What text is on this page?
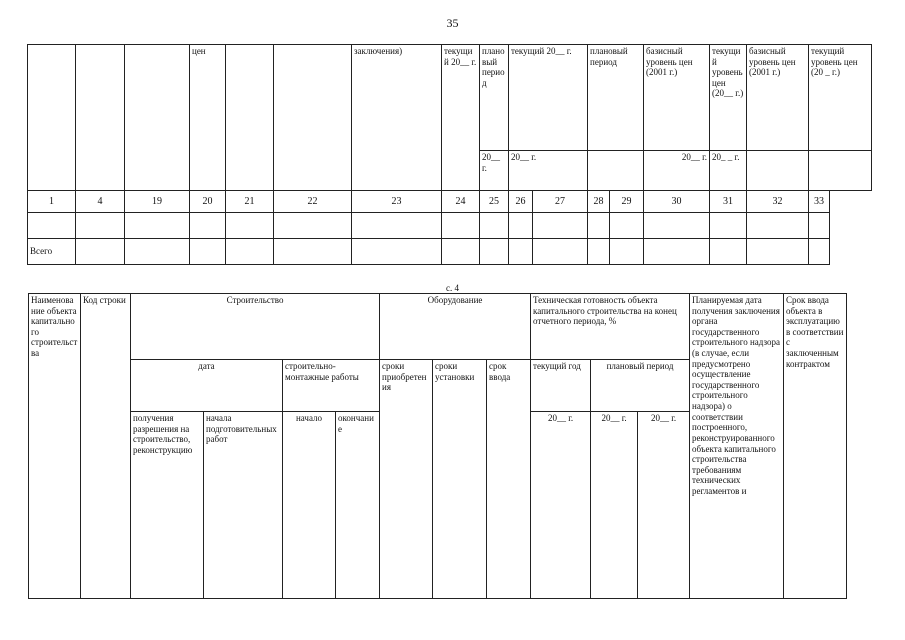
35
			цен			заключения)	текущий 20__ г.	плановый период	текущий 20__ г.		плановый период		базисный уровень цен (2001 г.)	текущий уровень цен (20__ г.)	базисный уровень цен (2001 г.)	текущий уровень цен (20 _ г.)	
								20__ г.	20__ г.				20__ г.	20_ _ г.			
1	4	19	20	21	22	23	24	25	26	27	28	29	30	31	32	33	

Всего																	
с. 4
Наименование объекта капитального строительства	Код строки	Строительство				Оборудование			Техническая готовность объекта капитального строительства на конец отчетного периода, %			Планируемая дата получения заключения органа государственного строительного надзора (в случае, если предусмотрено осуществление государственного строительного надзора) о соответствии построенного, реконструированного объекта капитального строительства требованиям технических регламентов и	Срок ввода объекта в эксплуатацию в соответствии с заключенным контрактом
		дата		строительно-монтажные работы		сроки приобретения	сроки установки	срок ввода	текущий год	плановый период			
		получения разрешения на строительство, реконструкцию	начала подготовительных работ	начало	окончание				20__ г.	20__ г.	20__ г.		
